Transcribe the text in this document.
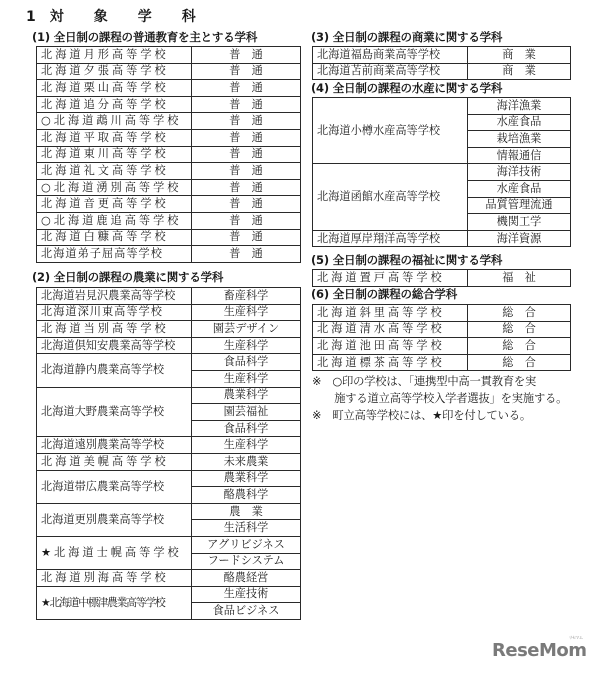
1 対 象 学 科
(1) 全日制の課程の普通教育を主とする学科
(2) 全日制の課程の農業に関する学科
(3) 全日制の課程の商業に関する学科
(4) 全日制の課程の水産に関する学科
(5) 全日制の課程の福祉に関する学科
(6) 全日制の課程の総合学科
北海道月形高等学校	普　通
北海道夕張高等学校	普　通
北海道栗山高等学校	普　通
北海道追分高等学校	普　通
○北海道鵡川高等学校	普　通
北海道平取高等学校	普　通
北海道東川高等学校	普　通
北海道礼文高等学校	普　通
○北海道湧別高等学校	普　通
北海道音更高等学校	普　通
○北海道鹿追高等学校	普　通
北海道白糠高等学校	普　通
北海道弟子屈高等学校	普　通
北海道岩見沢農業高等学校	畜産科学
北海道深川東高等学校	生産科学
北海道当別高等学校	園芸デザイン
北海道倶知安農業高等学校	生産科学
北海道静内農業高等学校	食品科学
	生産科学
北海道大野農業高等学校	農業科学
	園芸福祉
	食品科学
北海道遠別農業高等学校	生産科学
北海道美幌高等学校	未来農業
北海道帯広農業高等学校	農業科学
	酪農科学
北海道更別農業高等学校	農　業
	生活科学
★北海道士幌高等学校	アグリビジネス
	フードシステム
北海道別海高等学校	酪農経営
★北海道中標津農業高等学校	生産技術
	食品ビジネス
北海道福島商業高等学校	商　業
北海道苫前商業高等学校	商　業
北海道小樽水産高等学校	海洋漁業
	水産食品
	栽培漁業
	情報通信
北海道函館水産高等学校	海洋技術
	水産食品
	品質管理流通
	機関工学
北海道厚岸翔洋高等学校	海洋資源
北海道置戸高等学校	福　祉
北海道斜里高等学校	総　合
北海道清水高等学校	総　合
北海道池田高等学校	総　合
北海道標茶高等学校	総　合
※　○印の学校は、「連携型中高一貫教育を実
　　施する道立高等学校入学者選抜」を実施する。
※　町立高等学校には、★印を付している。
ReseMom
リセマム
